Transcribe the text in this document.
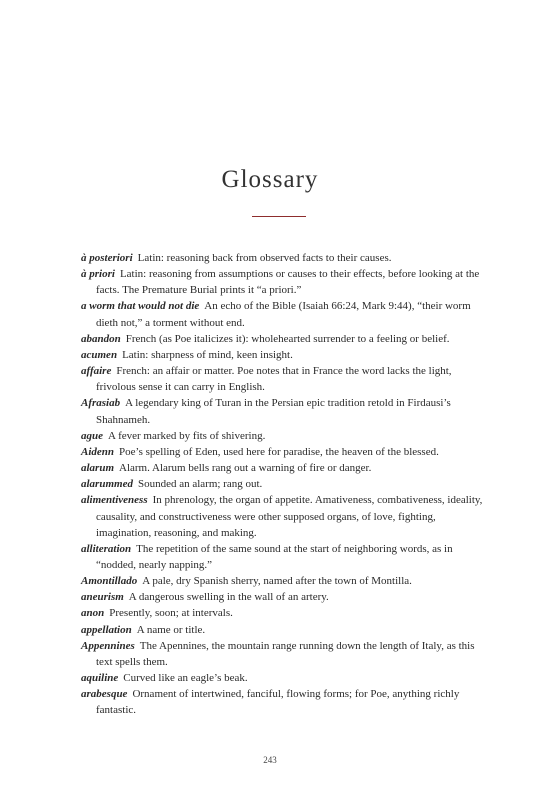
Glossary

à posteriori Latin: reasoning back from observed facts to their causes.

à priori Latin: reasoning from assumptions or causes to their effects, before looking at the facts. The Premature Burial prints it “a priori.”

a worm that would not die An echo of the Bible (Isaiah 66:24, Mark 9:44), “their worm dieth not,” a torment without end.

abandon French (as Poe italicizes it): wholehearted surrender to a feeling or belief.

acumen Latin: sharpness of mind, keen insight.

affaire French: an affair or matter. Poe notes that in France the word lacks the light, frivolous sense it can carry in English.

Afrasiab A legendary king of Turan in the Persian epic tradition retold in Firdausi’s Shahnameh.

ague A fever marked by fits of shivering.

Aidenn Poe’s spelling of Eden, used here for paradise, the heaven of the blessed.

alarum Alarm. Alarum bells rang out a warning of fire or danger.

alarummed Sounded an alarm; rang out.

alimentiveness In phrenology, the organ of appetite. Amativeness, combativeness, ideality, causality, and constructiveness were other supposed organs, of love, fighting, imagination, reasoning, and making.

alliteration The repetition of the same sound at the start of neighboring words, as in “nodded, nearly napping.”

Amontillado A pale, dry Spanish sherry, named after the town of Montilla.

aneurism A dangerous swelling in the wall of an artery.

anon Presently, soon; at intervals.

appellation A name or title.

Appennines The Apennines, the mountain range running down the length of Italy, as this text spells them.

aquiline Curved like an eagle’s beak.

arabesque Ornament of intertwined, fanciful, flowing forms; for Poe, anything richly fantastic.

243
